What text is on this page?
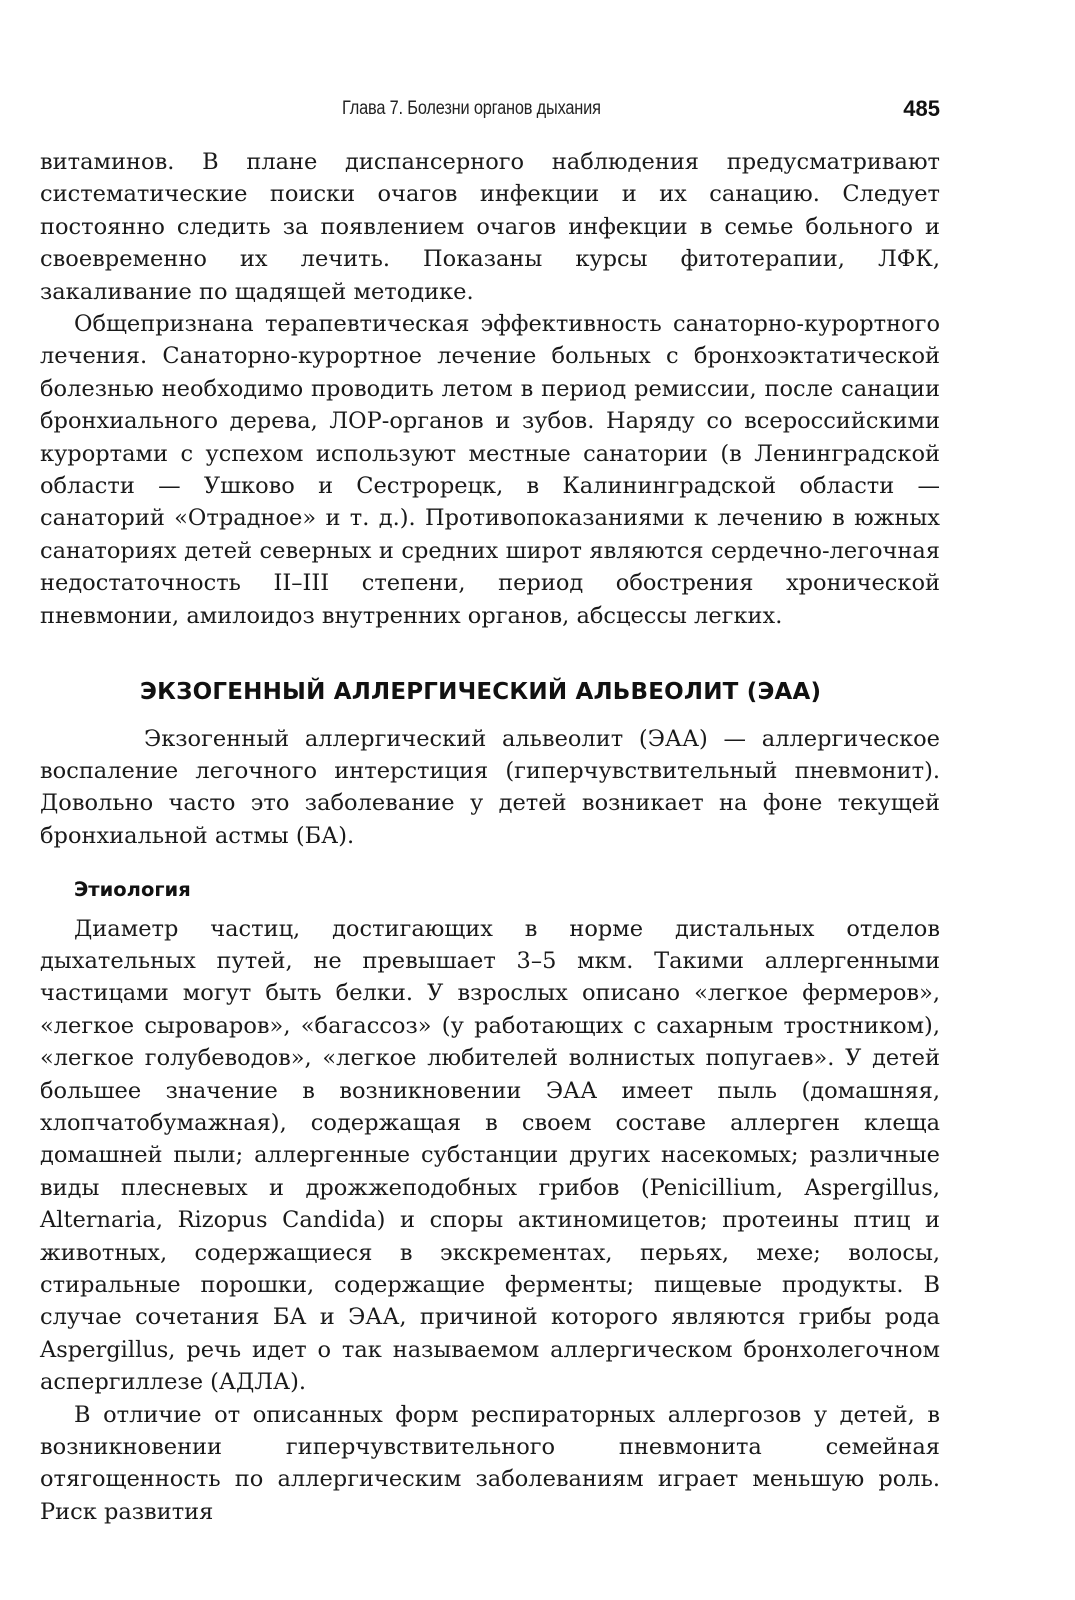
Глава 7. Болезни органов дыхания	485

витаминов. В плане диспансерного наблюдения предусматривают систематические поиски очагов инфекции и их санацию. Следует постоянно следить за появлением очагов инфекции в семье больного и своевременно их лечить. Показаны курсы фитотерапии, ЛФК, закаливание по щадящей методике.

Общепризнана терапевтическая эффективность санаторно-курортного лечения. Санаторно-курортное лечение больных с бронхоэктатической болезнью необходимо проводить летом в период ремиссии, после санации бронхиального дерева, ЛОР-органов и зубов. Наряду со всероссийскими курортами с успехом используют местные санатории (в Ленинградской области — Ушково и Сестрорецк, в Калининградской области — санаторий «Отрадное» и т. д.). Противопоказаниями к лечению в южных санаториях детей северных и средних широт являются сердечно-легочная недостаточность II–III степени, период обострения хронической пневмонии, амилоидоз внутренних органов, абсцессы легких.

ЭКЗОГЕННЫЙ АЛЛЕРГИЧЕСКИЙ АЛЬВЕОЛИТ (ЭАА)

Экзогенный аллергический альвеолит (ЭАА) — аллергическое воспаление легочного интерстиция (гиперчувствительный пневмонит). Довольно часто это заболевание у детей возникает на фоне текущей бронхиальной астмы (БА).

Этиология

Диаметр частиц, достигающих в норме дистальных отделов дыхательных путей, не превышает 3–5 мкм. Такими аллергенными частицами могут быть белки. У взрослых описано «легкое фермеров», «легкое сыроваров», «багассоз» (у работающих с сахарным тростником), «легкое голубеводов», «легкое любителей волнистых попугаев». У детей большее значение в возникновении ЭАА имеет пыль (домашняя, хлопчатобумажная), содержащая в своем составе аллерген клеща домашней пыли; аллергенные субстанции других насекомых; различные виды плесневых и дрожжеподобных грибов (Penicillium, Aspergillus, Alternaria, Rizopus Candida) и споры актиномицетов; протеины птиц и животных, содержащиеся в экскрементах, перьях, мехе; волосы, стиральные порошки, содержащие ферменты; пищевые продукты. В случае сочетания БА и ЭАА, причиной которого являются грибы рода Aspergillus, речь идет о так называемом аллергическом бронхолегочном аспергиллезе (АДЛА).

В отличие от описанных форм респираторных аллергозов у детей, в возникновении гиперчувствительного пневмонита семейная отягощенность по аллергическим заболеваниям играет меньшую роль. Риск развития
